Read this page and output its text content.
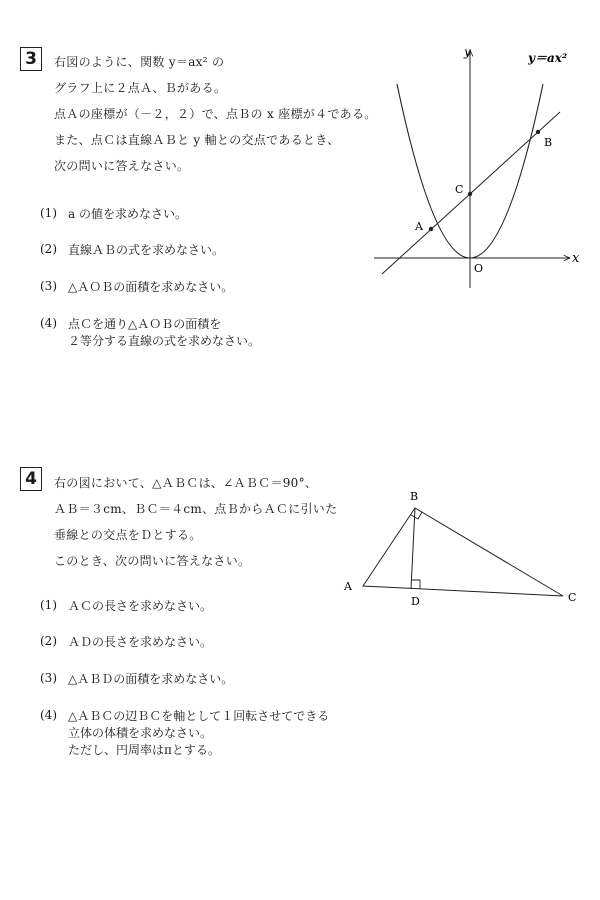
3	右図のように、関数 y＝ax² の
グラフ上に２点Ａ、Ｂがある。
点Ａの座標が（－２，２）で、点Ｂの x 座標が４である。
また、点Ｃは直線ＡＢと y 軸との交点であるとき、
次の問いに答えなさい。
(1) a の値を求めなさい。
(2) 直線ＡＢの式を求めなさい。
(3) △ＡＯＢの面積を求めなさい。
(4) 点Ｃを通り△ＡＯＢの面積を
２等分する直線の式を求めなさい。
y＝ax²
y
x
O
A
B
C
4	右の図において、△ＡＢＣは、∠ＡＢＣ＝90°、
ＡＢ＝３cm、ＢＣ＝４cm、点ＢからＡＣに引いた
垂線との交点をＤとする。
このとき、次の問いに答えなさい。
(1) ＡＣの長さを求めなさい。
(2) ＡＤの長さを求めなさい。
(3) △ＡＢＤの面積を求めなさい。
(4) △ＡＢＣの辺ＢＣを軸として１回転させてできる
立体の体積を求めなさい。
ただし、円周率はπとする。
A
B
C
D
